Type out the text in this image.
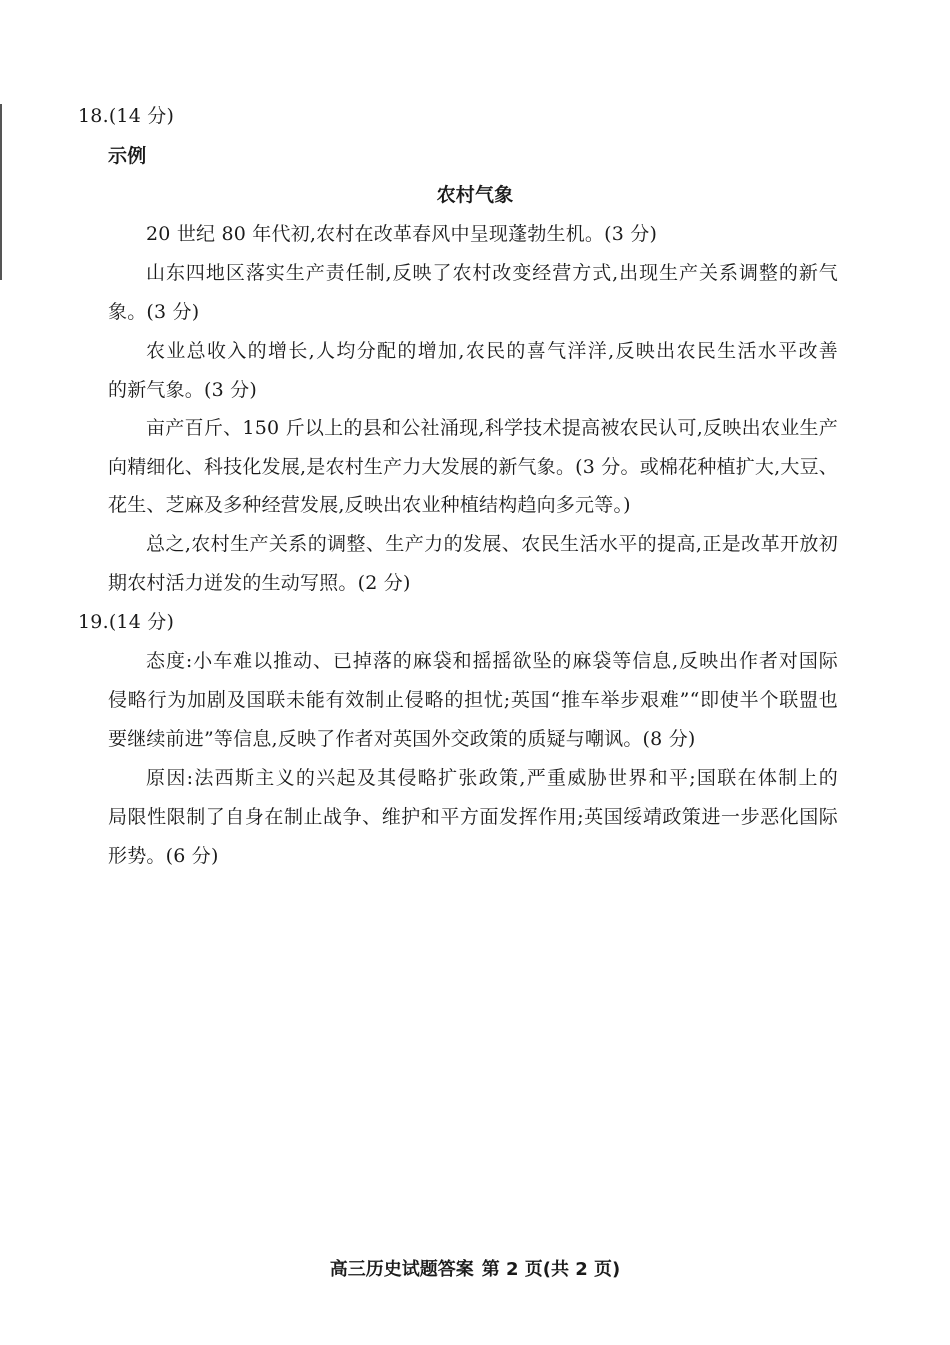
18.(14 分)
示例
农村气象
20 世纪 80 年代初,农村在改革春风中呈现蓬勃生机。(3 分)
山东四地区落实生产责任制,反映了农村改变经营方式,出现生产关系调整的新气
象。(3 分)
农业总收入的增长,人均分配的增加,农民的喜气洋洋,反映出农民生活水平改善
的新气象。(3 分)
亩产百斤、150 斤以上的县和公社涌现,科学技术提高被农民认可,反映出农业生产
向精细化、科技化发展,是农村生产力大发展的新气象。(3 分。或棉花种植扩大,大豆、
花生、芝麻及多种经营发展,反映出农业种植结构趋向多元等。)
总之,农村生产关系的调整、生产力的发展、农民生活水平的提高,正是改革开放初
期农村活力迸发的生动写照。(2 分)
19.(14 分)
态度:小车难以推动、已掉落的麻袋和摇摇欲坠的麻袋等信息,反映出作者对国际
侵略行为加剧及国联未能有效制止侵略的担忧;英国“推车举步艰难”“即使半个联盟也
要继续前进”等信息,反映了作者对英国外交政策的质疑与嘲讽。(8 分)
原因:法西斯主义的兴起及其侵略扩张政策,严重威胁世界和平;国联在体制上的
局限性限制了自身在制止战争、维护和平方面发挥作用;英国绥靖政策进一步恶化国际
形势。(6 分)
高三历史试题答案 第 2 页(共 2 页)
